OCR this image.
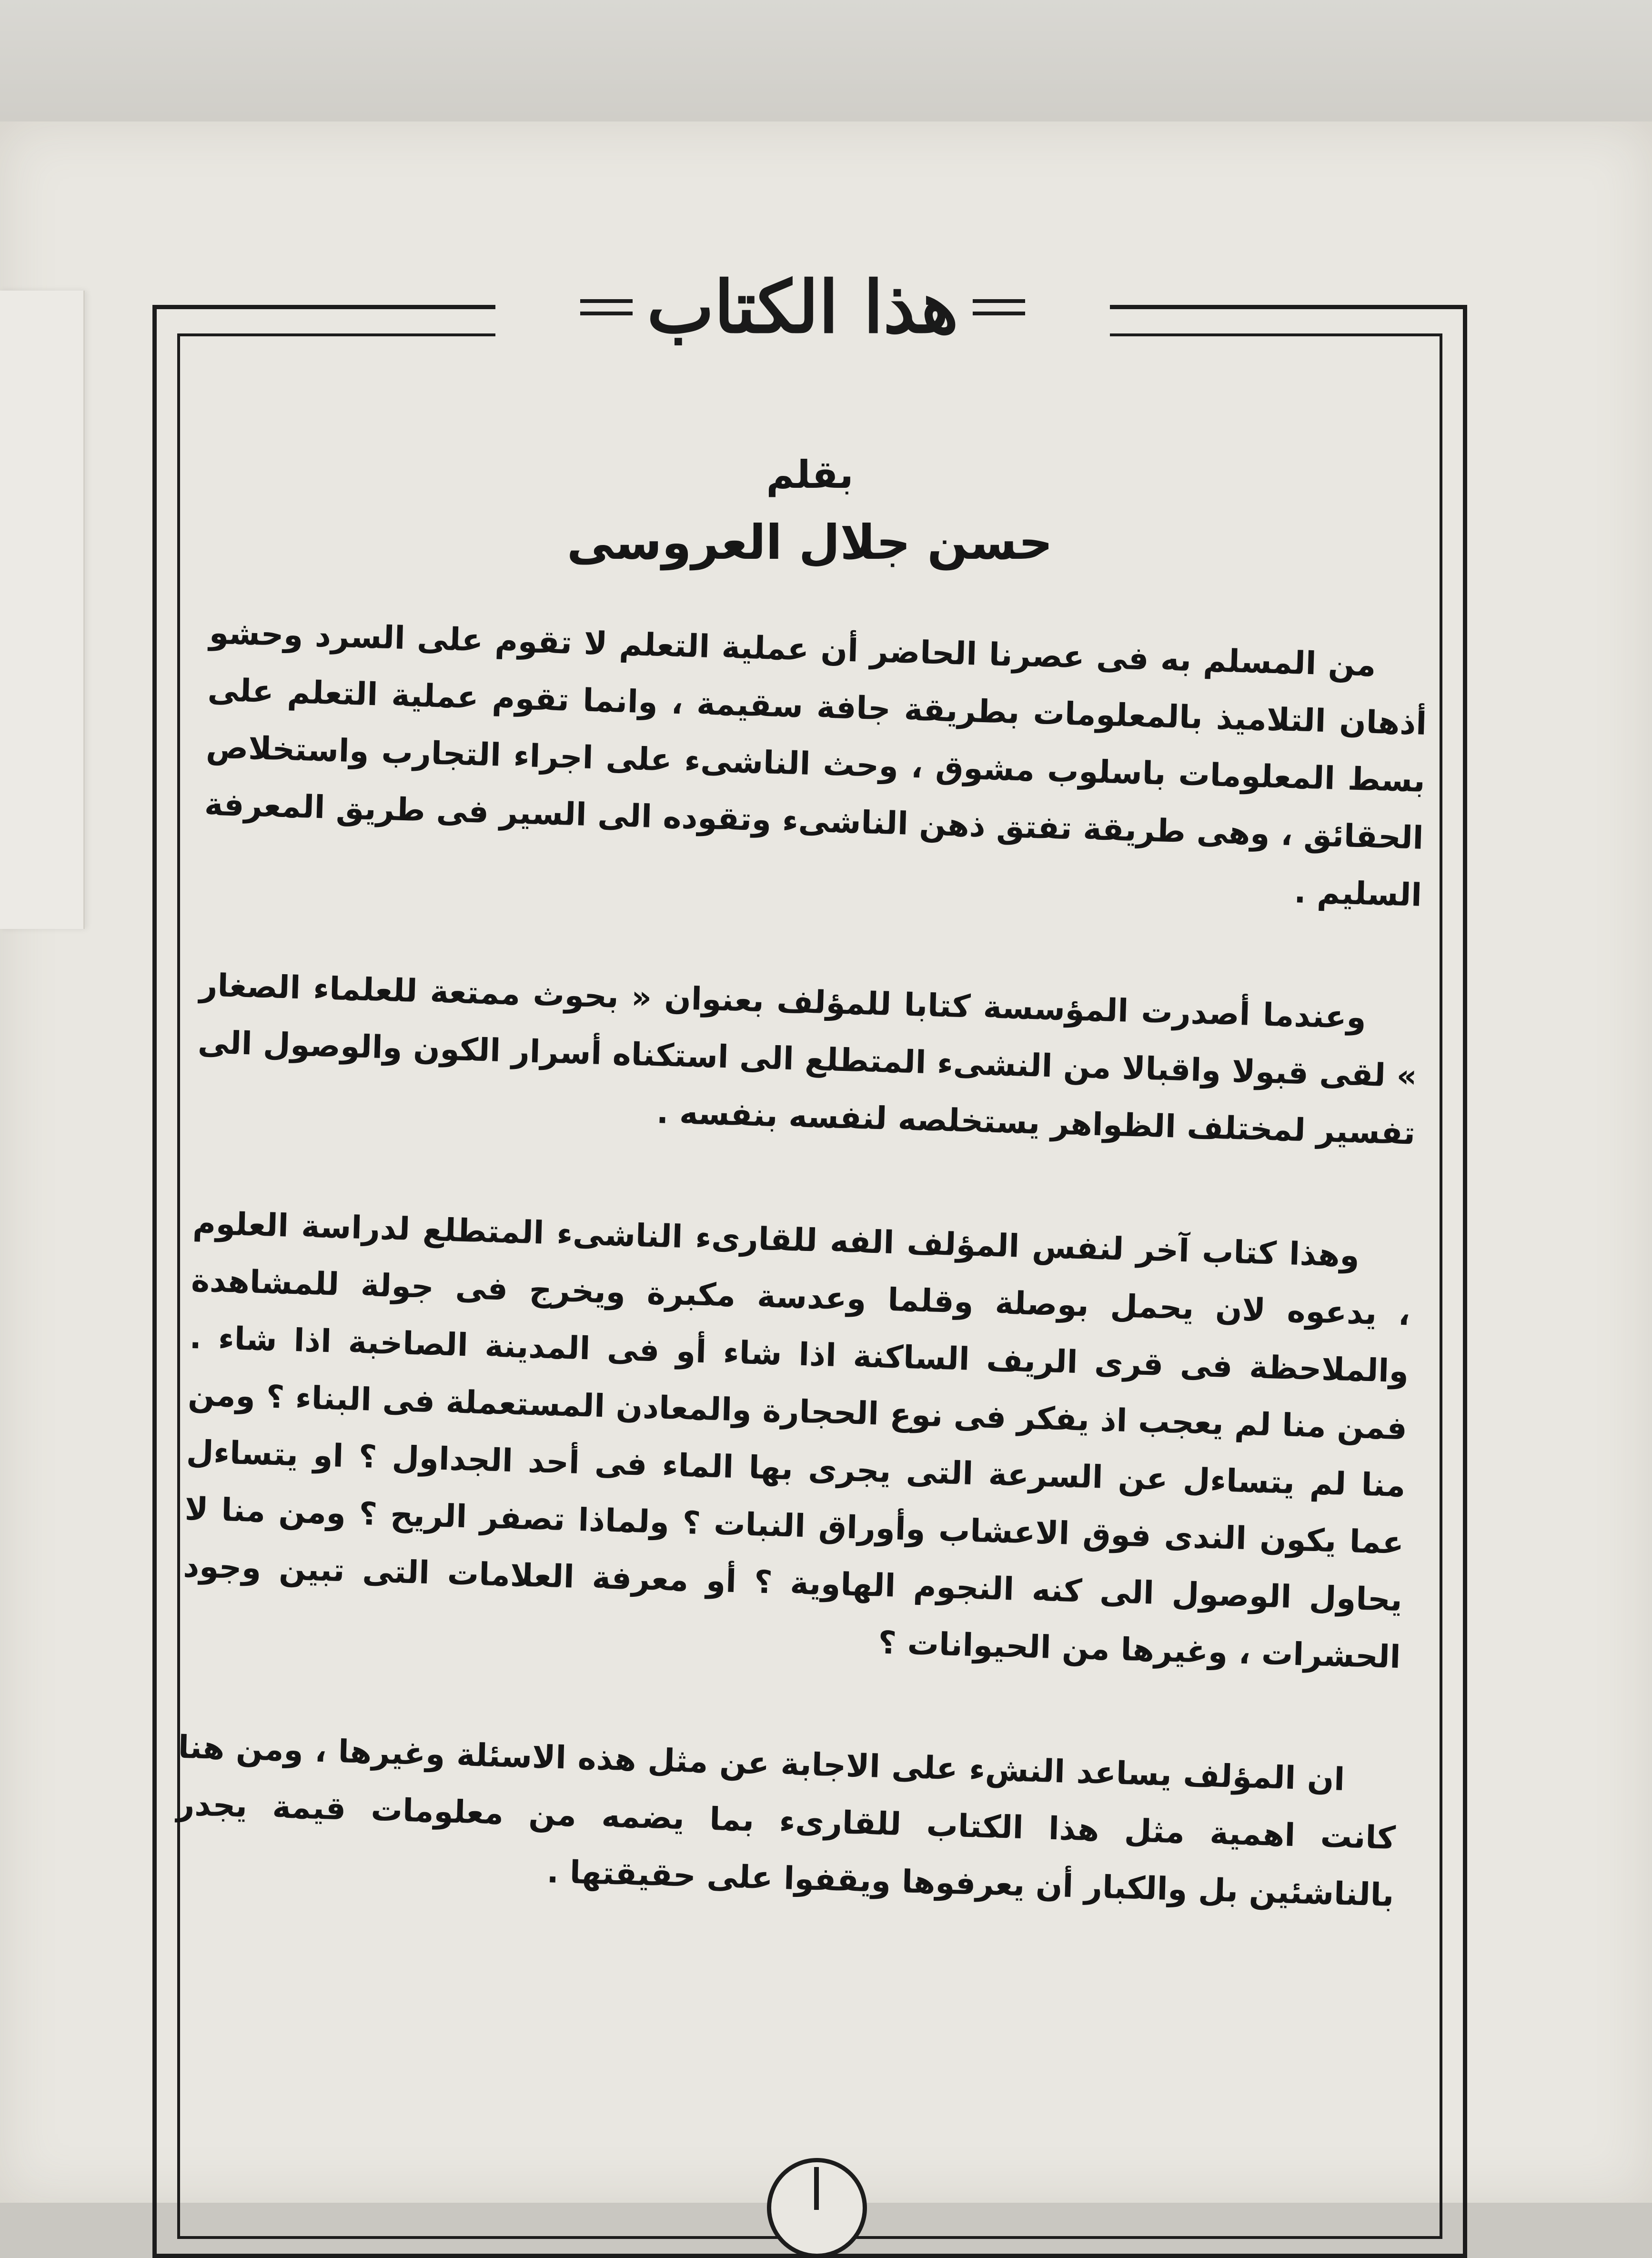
هذا الكتاب
بقلم
حسن جلال العروسى

من المسلم به فى عصرنا الحاضر أن عملية التعلم لا تقوم على السرد وحشو أذهان التلاميذ بالمعلومات بطريقة جافة سقيمة ، وانما تقوم عملية التعلم على بسط المعلومات باسلوب مشوق ، وحث الناشىء على اجراء التجارب واستخلاص الحقائق ، وهى طريقة تفتق ذهن الناشىء وتقوده الى السير فى طريق المعرفة السليم .

وعندما أصدرت المؤسسة كتابا للمؤلف بعنوان « بحوث ممتعة للعلماء الصغار » لقى قبولا واقبالا من النشىء المتطلع الى استكناه أسرار الكون والوصول الى تفسير لمختلف الظواهر يستخلصه لنفسه بنفسه .

وهذا كتاب آخر لنفس المؤلف الفه للقارىء الناشىء المتطلع لدراسة العلوم ، يدعوه لان يحمل بوصلة وقلما وعدسة مكبرة ويخرج فى جولة للمشاهدة والملاحظة فى قرى الريف الساكنة اذا شاء أو فى المدينة الصاخبة اذا شاء . فمن منا لم يعجب اذ يفكر فى نوع الحجارة والمعادن المستعملة فى البناء ؟ ومن منا لم يتساءل عن السرعة التى يجرى بها الماء فى أحد الجداول ؟ او يتساءل عما يكون الندى فوق الاعشاب وأوراق النبات ؟ ولماذا تصفر الريح ؟ ومن منا لا يحاول الوصول الى كنه النجوم الهاوية ؟ أو معرفة العلامات التى تبين وجود الحشرات ، وغيرها من الحيوانات ؟

ان المؤلف يساعد النشء على الاجابة عن مثل هذه الاسئلة وغيرها ، ومن هنا كانت اهمية مثل هذا الكتاب للقارىء بما يضمه من معلومات قيمة يجدر بالناشئين بل والكبار أن يعرفوها ويقفوا على حقيقتها .
